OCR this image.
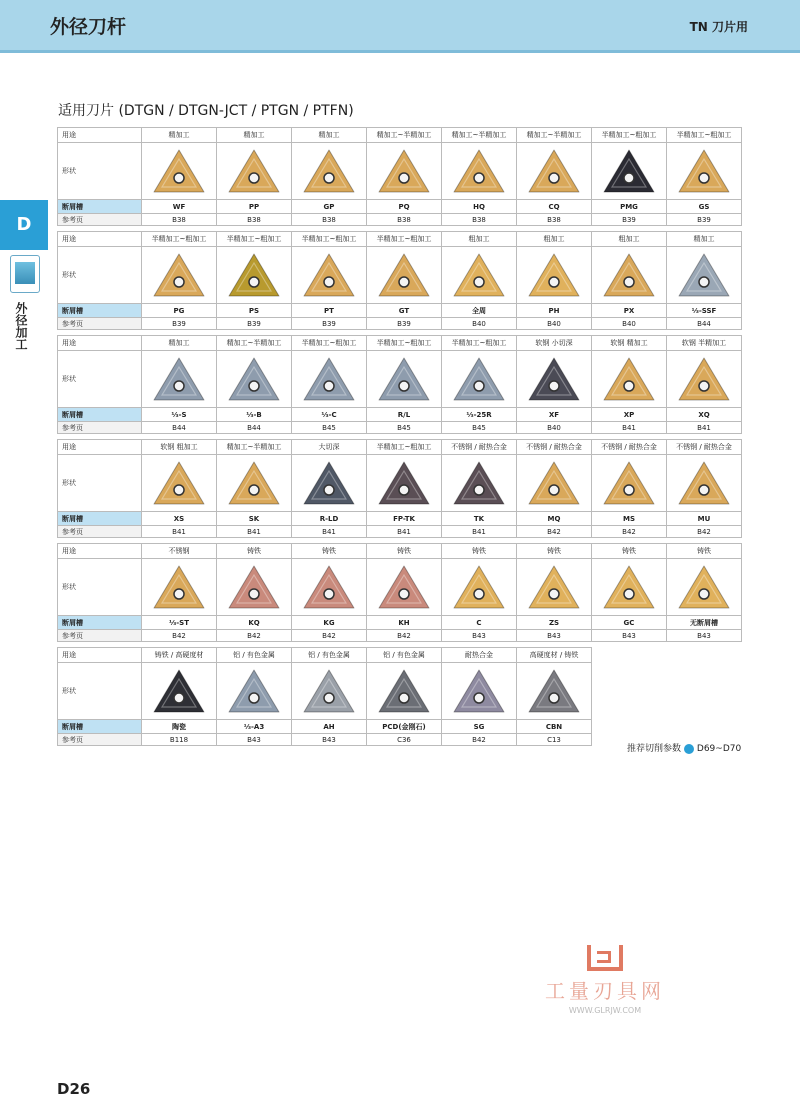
外径刀杆	TN 刀片用
D
外径加工
适用刀片 (DTGN / DTGN-JCT / PTGN / PTFN)
用途	精加工	精加工	精加工	精加工~半精加工	精加工~半精加工	精加工~半精加工	半精加工~粗加工	半精加工~粗加工
形状
断屑槽	WF	PP	GP	PQ	HQ	CQ	PMG	GS
参考页	B38	B38	B38	B38	B38	B38	B39	B39
用途	半精加工~粗加工	半精加工~粗加工	半精加工~粗加工	半精加工~粗加工	粗加工	粗加工	粗加工	精加工
形状
断屑槽	PG	PS	PT	GT	全周	PH	PX	⅓-SSF
参考页	B39	B39	B39	B39	B40	B40	B40	B44
用途	精加工	精加工~半精加工	半精加工~粗加工	半精加工~粗加工	半精加工~粗加工	软钢 小切深	软钢 精加工	软钢 半精加工
形状
断屑槽	⅓-S	⅓-B	⅓-C	R/L	⅓-25R	XF	XP	XQ
参考页	B44	B44	B45	B45	B45	B40	B41	B41
用途	软钢 粗加工	精加工~半精加工	大切深	半精加工~粗加工	不锈钢 / 耐热合金	不锈钢 / 耐热合金	不锈钢 / 耐热合金	不锈钢 / 耐热合金
形状
断屑槽	XS	SK	R-LD	FP-TK	TK	MQ	MS	MU
参考页	B41	B41	B41	B41	B41	B42	B42	B42
用途	不锈钢	铸铁	铸铁	铸铁	铸铁	铸铁	铸铁	铸铁
形状
断屑槽	⅓-ST	KQ	KG	KH	C	ZS	GC	无断屑槽
参考页	B42	B42	B42	B42	B43	B43	B43	B43
用途	铸铁 / 高硬度材	铝 / 有色金属	铝 / 有色金属	铝 / 有色金属	耐热合金	高硬度材 / 铸铁
形状
断屑槽	陶瓷	⅓-A3	AH	PCD(金刚石)	SG	CBN
参考页	B118	B43	B43	C36	B42	C13
推荐切削参数 D69~D70
工量刃具网
WWW.GLRJW.COM
D26
